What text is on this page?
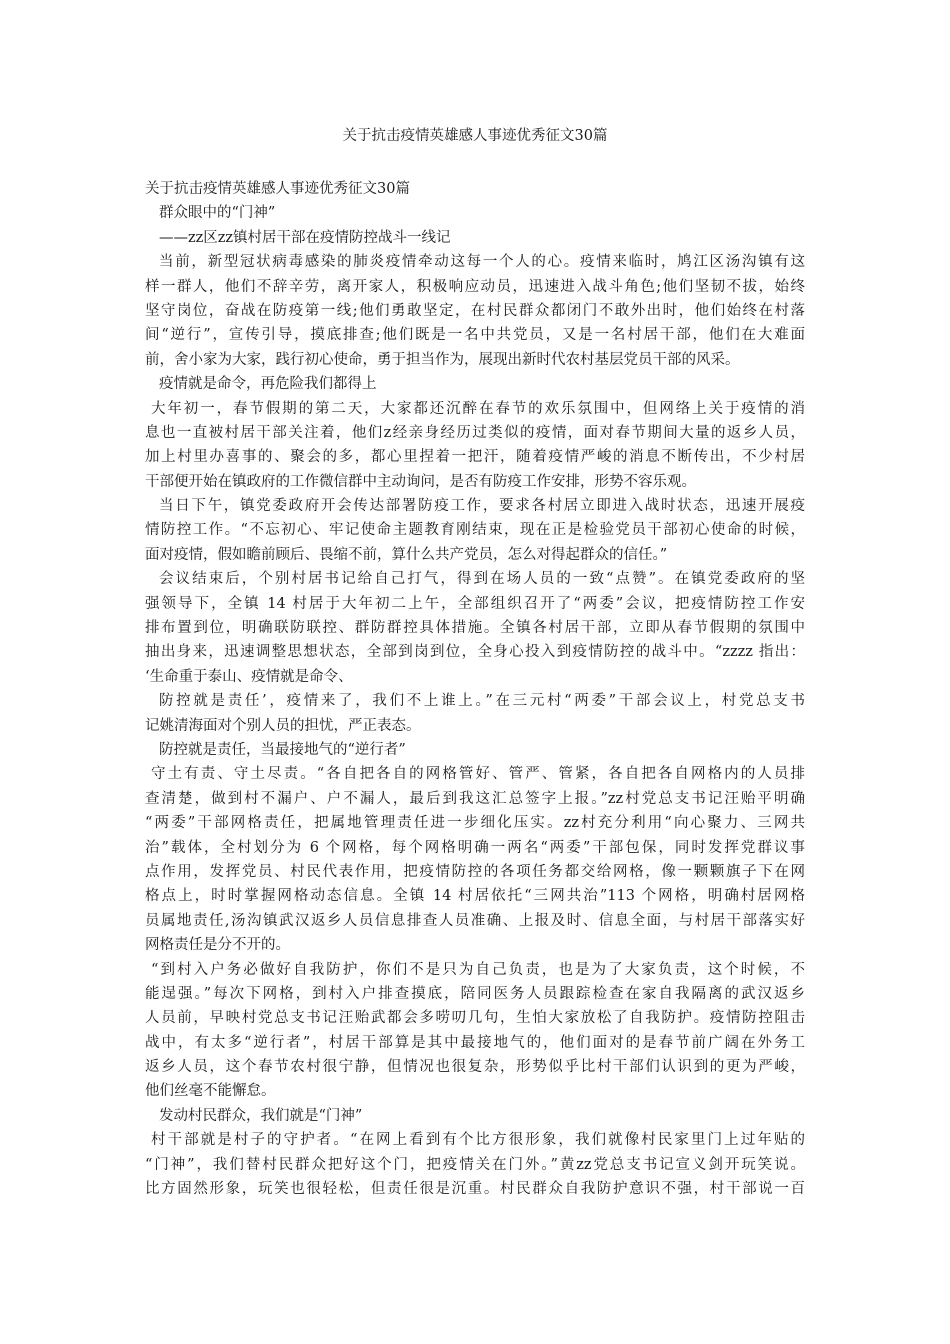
关于抗击疫情英雄感人事迹优秀征文30篇
关于抗击疫情英雄感人事迹优秀征文30篇
群众眼中的“门神”
——zz区zz镇村居干部在疫情防控战斗一线记
当前，新型冠状病毒感染的肺炎疫情牵动这每一个人的心。疫情来临时，鸠江区汤沟镇有这
样一群人，他们不辞辛劳，离开家人，积极响应动员，迅速进入战斗角色;他们坚韧不拔，始终
坚守岗位，奋战在防疫第一线;他们勇敢坚定，在村民群众都闭门不敢外出时，他们始终在村落
间“逆行”，宣传引导，摸底排查;他们既是一名中共党员，又是一名村居干部，他们在大难面
前，舍小家为大家，践行初心使命，勇于担当作为，展现出新时代农村基层党员干部的风采。
疫情就是命令，再危险我们都得上
大年初一，春节假期的第二天，大家都还沉醉在春节的欢乐氛围中，但网络上关于疫情的消
息也一直被村居干部关注着，他们z经亲身经历过类似的疫情，面对春节期间大量的返乡人员，
加上村里办喜事的、聚会的多，都心里捏着一把汗，随着疫情严峻的消息不断传出，不少村居
干部便开始在镇政府的工作微信群中主动询问，是否有防疫工作安排，形势不容乐观。
当日下午，镇党委政府开会传达部署防疫工作，要求各村居立即进入战时状态，迅速开展疫
情防控工作。“不忘初心、牢记使命主题教育刚结束，现在正是检验党员干部初心使命的时候，
面对疫情，假如瞻前顾后、畏缩不前，算什么共产党员，怎么对得起群众的信任。”
会议结束后，个别村居书记给自己打气，得到在场人员的一致“点赞”。在镇党委政府的坚
强领导下，全镇 14 村居于大年初二上午，全部组织召开了“两委”会议，把疫情防控工作安
排布置到位，明确联防联控、群防群控具体措施。全镇各村居干部，立即从春节假期的氛围中
抽出身来，迅速调整思想状态，全部到岗到位，全身心投入到疫情防控的战斗中。“zzzz 指出：
‘生命重于泰山、疫情就是命令、
防控就是责任’，疫情来了，我们不上谁上。”在三元村“两委”干部会议上，村党总支书
记姚清海面对个别人员的担忧，严正表态。
防控就是责任，当最接地气的“逆行者”
守土有责、守土尽责。“各自把各自的网格管好、管严、管紧，各自把各自网格内的人员排
查清楚，做到村不漏户、户不漏人，最后到我这汇总签字上报。”zz村党总支书记汪贻平明确
“两委”干部网格责任，把属地管理责任进一步细化压实。zz村充分利用“向心聚力、三网共
治”载体，全村划分为 6 个网格，每个网格明确一两名“两委”干部包保，同时发挥党群议事
点作用，发挥党员、村民代表作用，把疫情防控的各项任务都交给网格，像一颗颗旗子下在网
格点上，时时掌握网格动态信息。全镇 14 村居依托“三网共治”113 个网格，明确村居网格
员属地责任,汤沟镇武汉返乡人员信息排查人员准确、上报及时、信息全面，与村居干部落实好
网格责任是分不开的。
“到村入户务必做好自我防护，你们不是只为自己负责，也是为了大家负责，这个时候，不
能逞强。”每次下网格，到村入户排查摸底，陪同医务人员跟踪检查在家自我隔离的武汉返乡
人员前，早映村党总支书记汪贻武都会多唠叨几句，生怕大家放松了自我防护。疫情防控阻击
战中，有太多“逆行者”，村居干部算是其中最接地气的，他们面对的是春节前广阔在外务工
返乡人员，这个春节农村很宁静，但情况也很复杂，形势似乎比村干部们认识到的更为严峻，
他们丝毫不能懈怠。
发动村民群众，我们就是“门神”
村干部就是村子的守护者。“在网上看到有个比方很形象，我们就像村民家里门上过年贴的
“门神”，我们替村民群众把好这个门，把疫情关在门外。”黄zz党总支书记宣义剑开玩笑说。
比方固然形象，玩笑也很轻松，但责任很是沉重。村民群众自我防护意识不强，村干部说一百
